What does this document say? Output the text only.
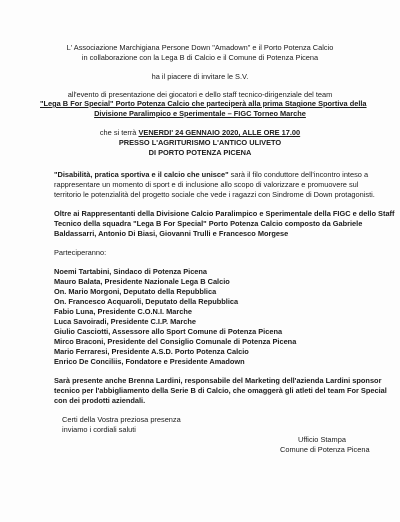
L' Associazione Marchigiana Persone Down "Amadown" e il Porto Potenza Calcio
in collaborazione con la Lega B di Calcio e il Comune di Potenza Picena
ha il piacere di invitare le S.V.
all'evento di presentazione dei giocatori e dello staff tecnico-dirigenziale del team
"Lega B For Special" Porto Potenza Calcio che parteciperà alla prima Stagione Sportiva della
Divisione Paralimpico e Sperimentale – FIGC Torneo Marche
che si terrà VENERDI' 24 GENNAIO 2020, ALLE ORE 17.00
PRESSO L'AGRITURISMO L'ANTICO ULIVETO
DI PORTO POTENZA PICENA
"Disabilità, pratica sportiva e il calcio che unisce" sarà il filo conduttore dell'incontro inteso a
rappresentare un momento di sport e di inclusione allo scopo di valorizzare e promuovere sul
territorio le potenzialità del progetto sociale che vede i ragazzi con Sindrome di Down protagonisti.
Oltre ai Rappresentanti della Divisione Calcio Paralimpico e Sperimentale della FIGC e dello Staff
Tecnico della squadra "Lega B For Special" Porto Potenza Calcio composto da Gabriele
Baldassarri, Antonio Di Biasi, Giovanni Trulli e Francesco Morgese
Parteciperanno:
Noemi Tartabini, Sindaco di Potenza Picena
Mauro Balata, Presidente Nazionale Lega B Calcio
On. Mario Morgoni, Deputato della Repubblica
On. Francesco Acquaroli, Deputato della Repubblica
Fabio Luna, Presidente C.O.N.I. Marche
Luca Savoiradi, Presidente C.I.P. Marche
Giulio Casciotti, Assessore allo Sport Comune di Potenza Picena
Mirco Braconi, Presidente del Consiglio Comunale di Potenza Picena
Mario Ferraresi, Presidente A.S.D. Porto Potenza Calcio
Enrico De Conciliis, Fondatore e Presidente Amadown
Sarà presente anche Brenna Lardini, responsabile del Marketing dell'azienda Lardini sponsor
tecnico per l'abbigliamento della Serie B di Calcio, che omaggerà gli atleti del team For Special
con dei prodotti aziendali.
Certi della Vostra preziosa presenza
inviamo i cordiali saluti
Ufficio Stampa
Comune di Potenza Picena
